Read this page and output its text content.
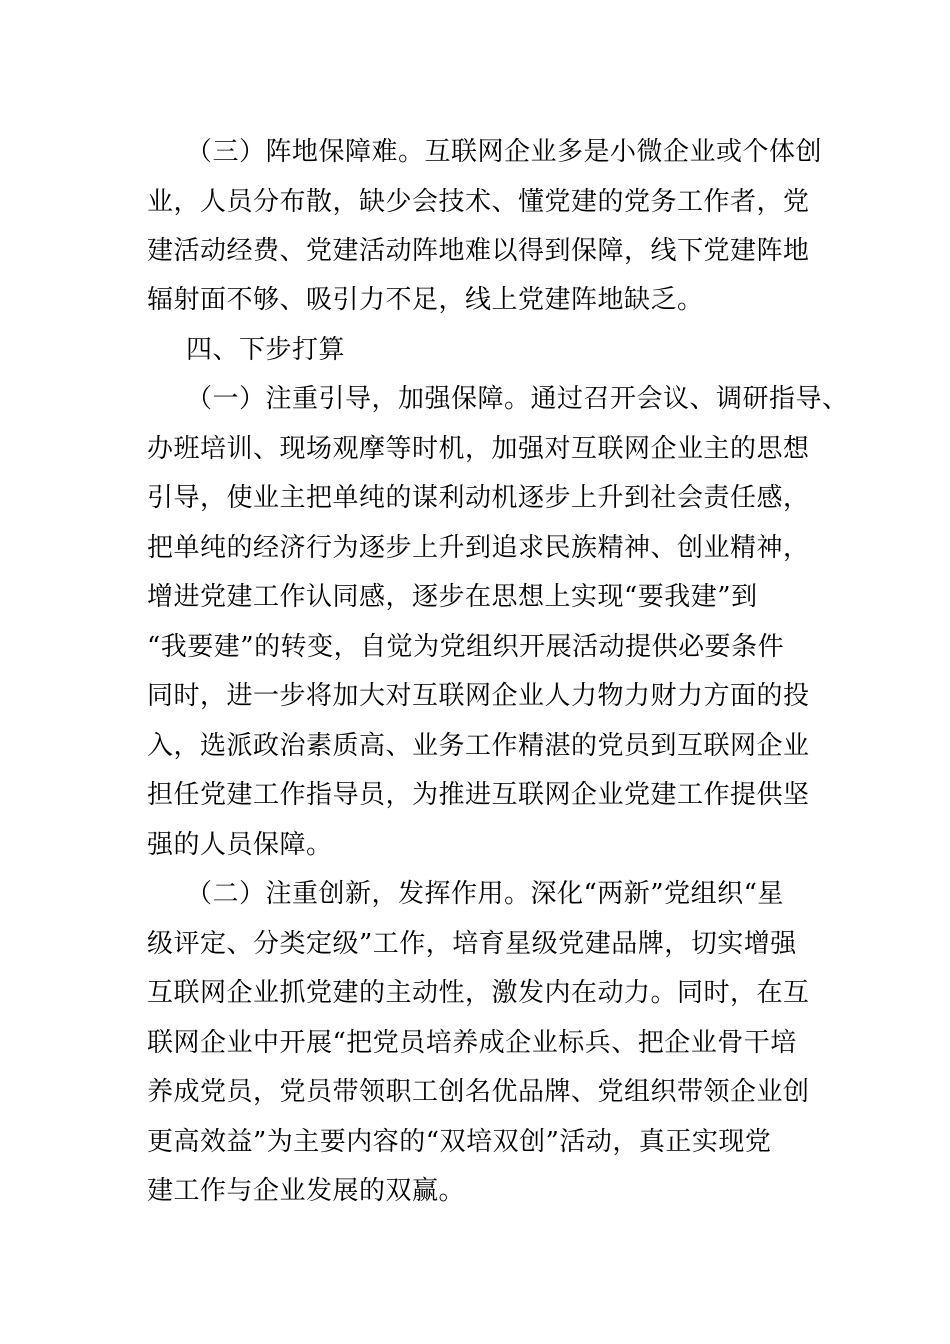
（三）阵地保障难。互联网企业多是小微企业或个体创
业，人员分布散，缺少会技术、懂党建的党务工作者，党
建活动经费、党建活动阵地难以得到保障，线下党建阵地
辐射面不够、吸引力不足，线上党建阵地缺乏。
四、下步打算
（一）注重引导，加强保障。通过召开会议、调研指导、
办班培训、现场观摩等时机，加强对互联网企业主的思想
引导，使业主把单纯的谋利动机逐步上升到社会责任感，
把单纯的经济行为逐步上升到追求民族精神、创业精神，
增进党建工作认同感，逐步在思想上实现“要我建”到
“我要建”的转变，自觉为党组织开展活动提供必要条件
同时，进一步将加大对互联网企业人力物力财力方面的投
入，选派政治素质高、业务工作精湛的党员到互联网企业
担任党建工作指导员，为推进互联网企业党建工作提供坚
强的人员保障。
（二）注重创新，发挥作用。深化“两新”党组织“星
级评定、分类定级”工作，培育星级党建品牌，切实增强
互联网企业抓党建的主动性，激发内在动力。同时，在互
联网企业中开展“把党员培养成企业标兵、把企业骨干培
养成党员，党员带领职工创名优品牌、党组织带领企业创
更高效益”为主要内容的“双培双创”活动，真正实现党
建工作与企业发展的双赢。
